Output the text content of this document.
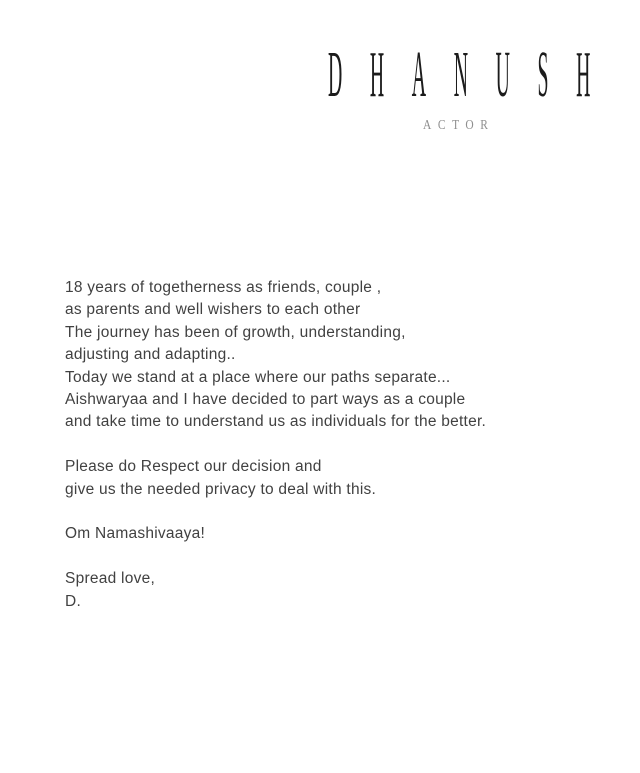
DHANUSH
ACTOR
18 years of togetherness as friends, couple ,
as parents and well wishers to each other
The journey has been of growth, understanding,
adjusting and adapting..
Today we stand at a place where our paths separate...
Aishwaryaa and I have decided to part ways as a couple
and take time to understand us as individuals for the better.
Please do Respect our decision and
give us the needed privacy to deal with this.
Om Namashivaaya!
Spread love,
D.
